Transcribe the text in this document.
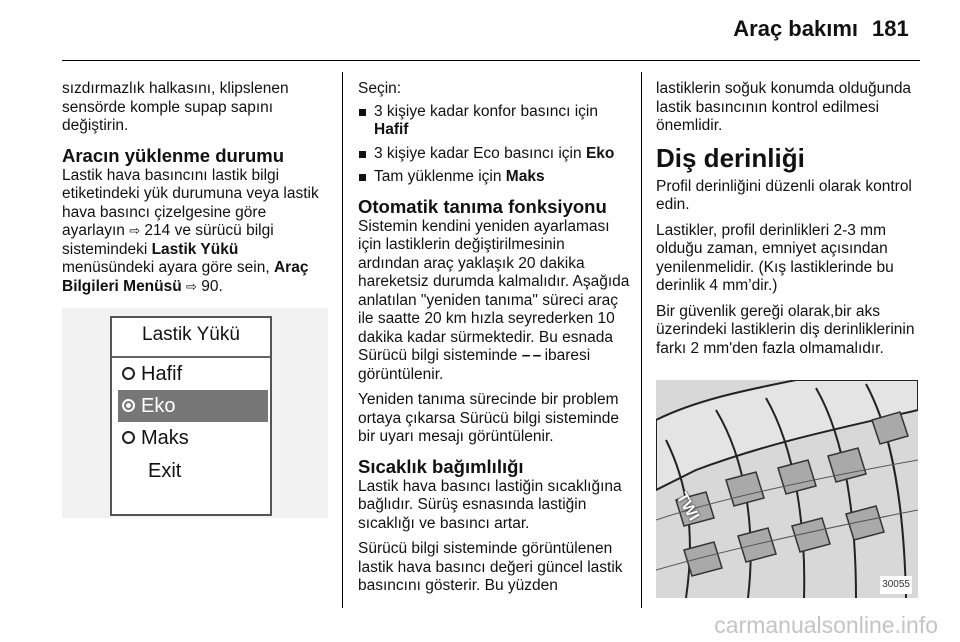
Araç bakımı 181

sızdırmazlık halkasını, klipslenen sensörde komple supap sapını değiştirin.

Aracın yüklenme durumu

Lastik hava basıncını lastik bilgi etiketindeki yük durumuna veya lastik hava basıncı çizelgesine göre ayarlayın ⇨ 214 ve sürücü bilgi sistemindeki Lastik Yükü menüsündeki ayara göre sein, Araç Bilgileri Menüsü ⇨ 90.

Lastik Yükü
Hafif
Eko
Maks
Exit

Seçin:

3 kişiye kadar konfor basıncı için Hafif
3 kişiye kadar Eco basıncı için Eko
Tam yüklenme için Maks
Otomatik tanıma fonksiyonu

Sistemin kendini yeniden ayarlaması için lastiklerin değiştirilmesinin ardından araç yaklaşık 20 dakika hareketsiz durumda kalmalıdır. Aşağıda anlatılan "yeniden tanıma" süreci araç ile saatte 20 km hızla seyrederken 10 dakika kadar sürmektedir. Bu esnada Sürücü bilgi sisteminde – – ibaresi görüntülenir.

Yeniden tanıma sürecinde bir problem ortaya çıkarsa Sürücü bilgi sisteminde bir uyarı mesajı görüntülenir.

Sıcaklık bağımlılığı

Lastik hava basıncı lastiğin sıcaklığına bağlıdır. Sürüş esnasında lastiğin sıcaklığı ve basıncı artar.

Sürücü bilgi sisteminde görüntülenen lastik hava basıncı değeri güncel lastik basıncını gösterir. Bu yüzden

lastiklerin soğuk konumda olduğunda lastik basıncının kontrol edilmesi önemlidir.

Diş derinliği

Profil derinliğini düzenli olarak kontrol edin.

Lastikler, profil derinlikleri 2-3 mm olduğu zaman, emniyet açısından yenilenmelidir. (Kış lastiklerinde bu derinlik 4 mm’dir.)

Bir güvenlik gereği olarak,bir aks üzerindeki lastiklerin diş derinliklerinin farkı 2 mm'den fazla olmamalıdır.

TWI
30055
carmanualsonline.info
